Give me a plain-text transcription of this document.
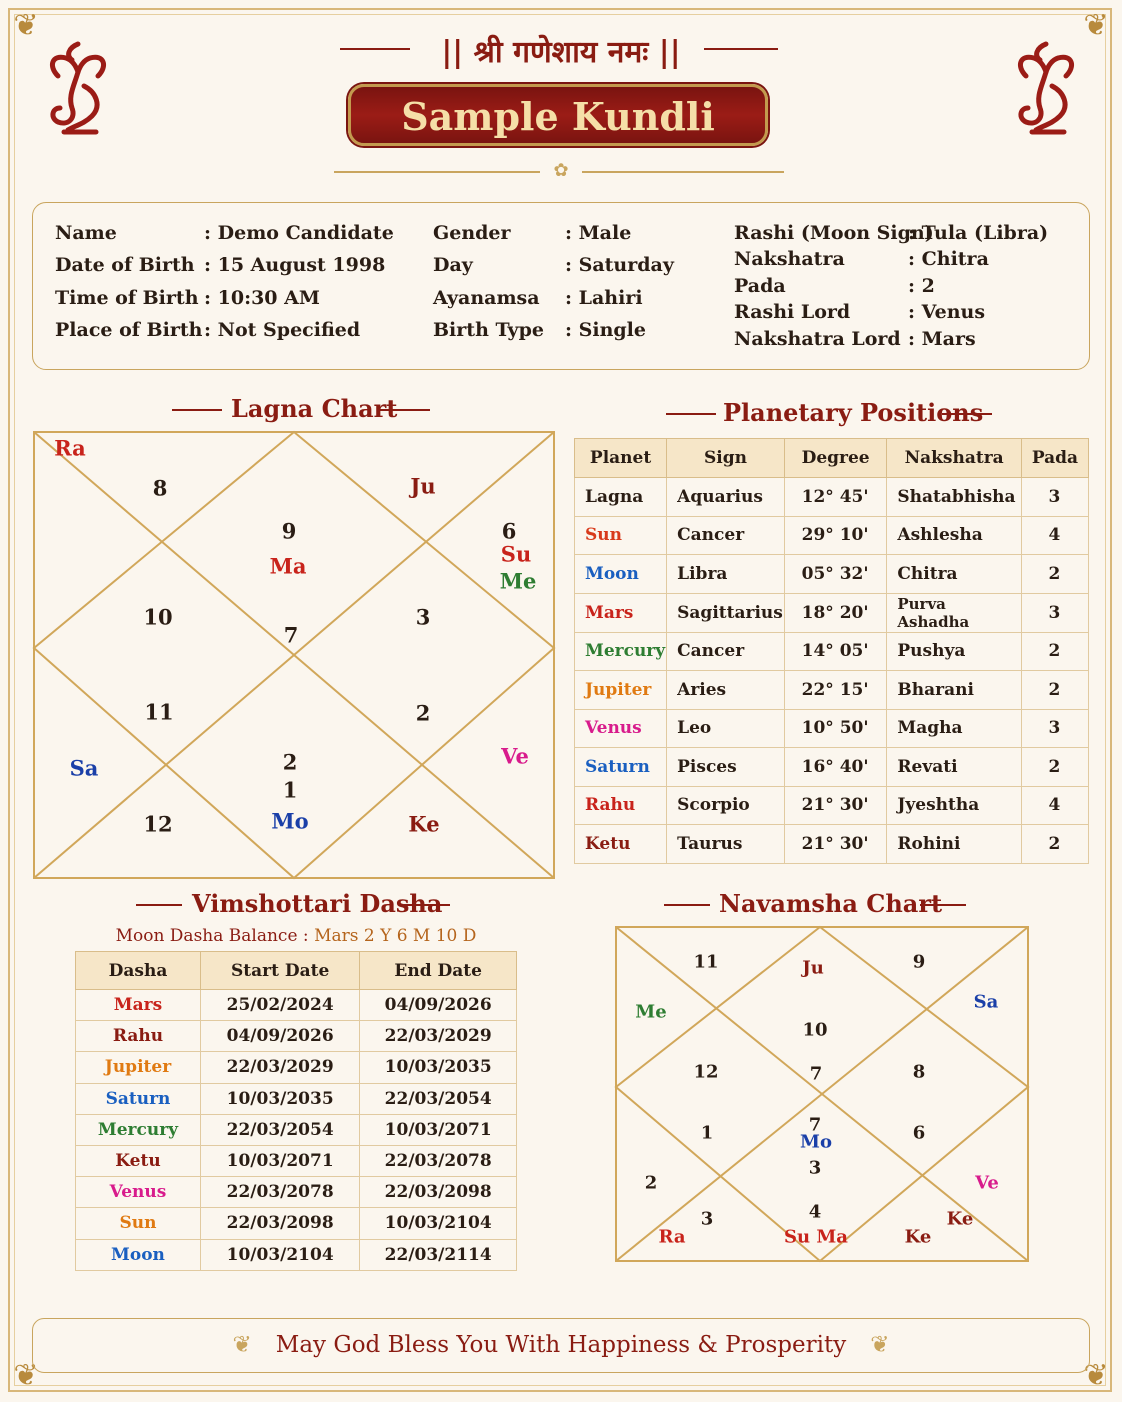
❦	❦
❦	❦
|| श्री गणेशाय नमः ||
Sample Kundli
✿
Name	: Demo Candidate
Date of Birth : 15 August 1998
Time of Birth : 10:30 AM
Place of Birth : Not Specified
Gender	: Male
Day	: Saturday
Ayanamsa : Lahiri
Birth Type : Single
Rashi (Moon Sign)
: Tula (Libra)
Nakshatra	: Chitra
Pada	: 2
Rashi Lord	: Venus
Nakshatra Lord : Mars
Lagna Chart
Ra
8	Ju
9
Ma
6
Su
Me
10
7
3
11	2
Sa	2	Ve
1
12	Mo	Ke
Planetary Positions
Planet	Sign	Degree	Nakshatra	Pada
Lagna	Aquarius	12° 45'	Shatabhisha	3
Sun	Cancer	29° 10'	Ashlesha	4
Moon	Libra	05° 32'	Chitra	2
Mars	Sagittarius	18° 20'	Purva Ashadha	3
Mercury	Cancer	14° 05'	Pushya	2
Jupiter	Aries	22° 15'	Bharani	2
Venus	Leo	10° 50'	Magha	3
Saturn	Pisces	16° 40'	Revati	2
Rahu	Scorpio	21° 30'	Jyeshtha	4
Ketu	Taurus	21° 30'	Rohini	2
Vimshottari Dasha
Moon Dasha Balance : Mars 2 Y 6 M 10 D
Dasha	Start Date	End Date
Mars	25/02/2024	04/09/2026
Rahu	04/09/2026	22/03/2029
Jupiter	22/03/2029	10/03/2035
Saturn	10/03/2035	22/03/2054
Mercury	22/03/2054	10/03/2071
Ketu	10/03/2071	22/03/2078
Venus	22/03/2078	22/03/2098
Sun	22/03/2098	10/03/2104
Moon	10/03/2104	22/03/2114
Navamsha Chart
11	Ju	9
Me	Sa
10
12	7	8
1	7
Mo	6
3
2	Ve
3	4	Ke
Ra	Su Ma	Ke
❦ May God Bless You With Happiness & Prosperity ❦
